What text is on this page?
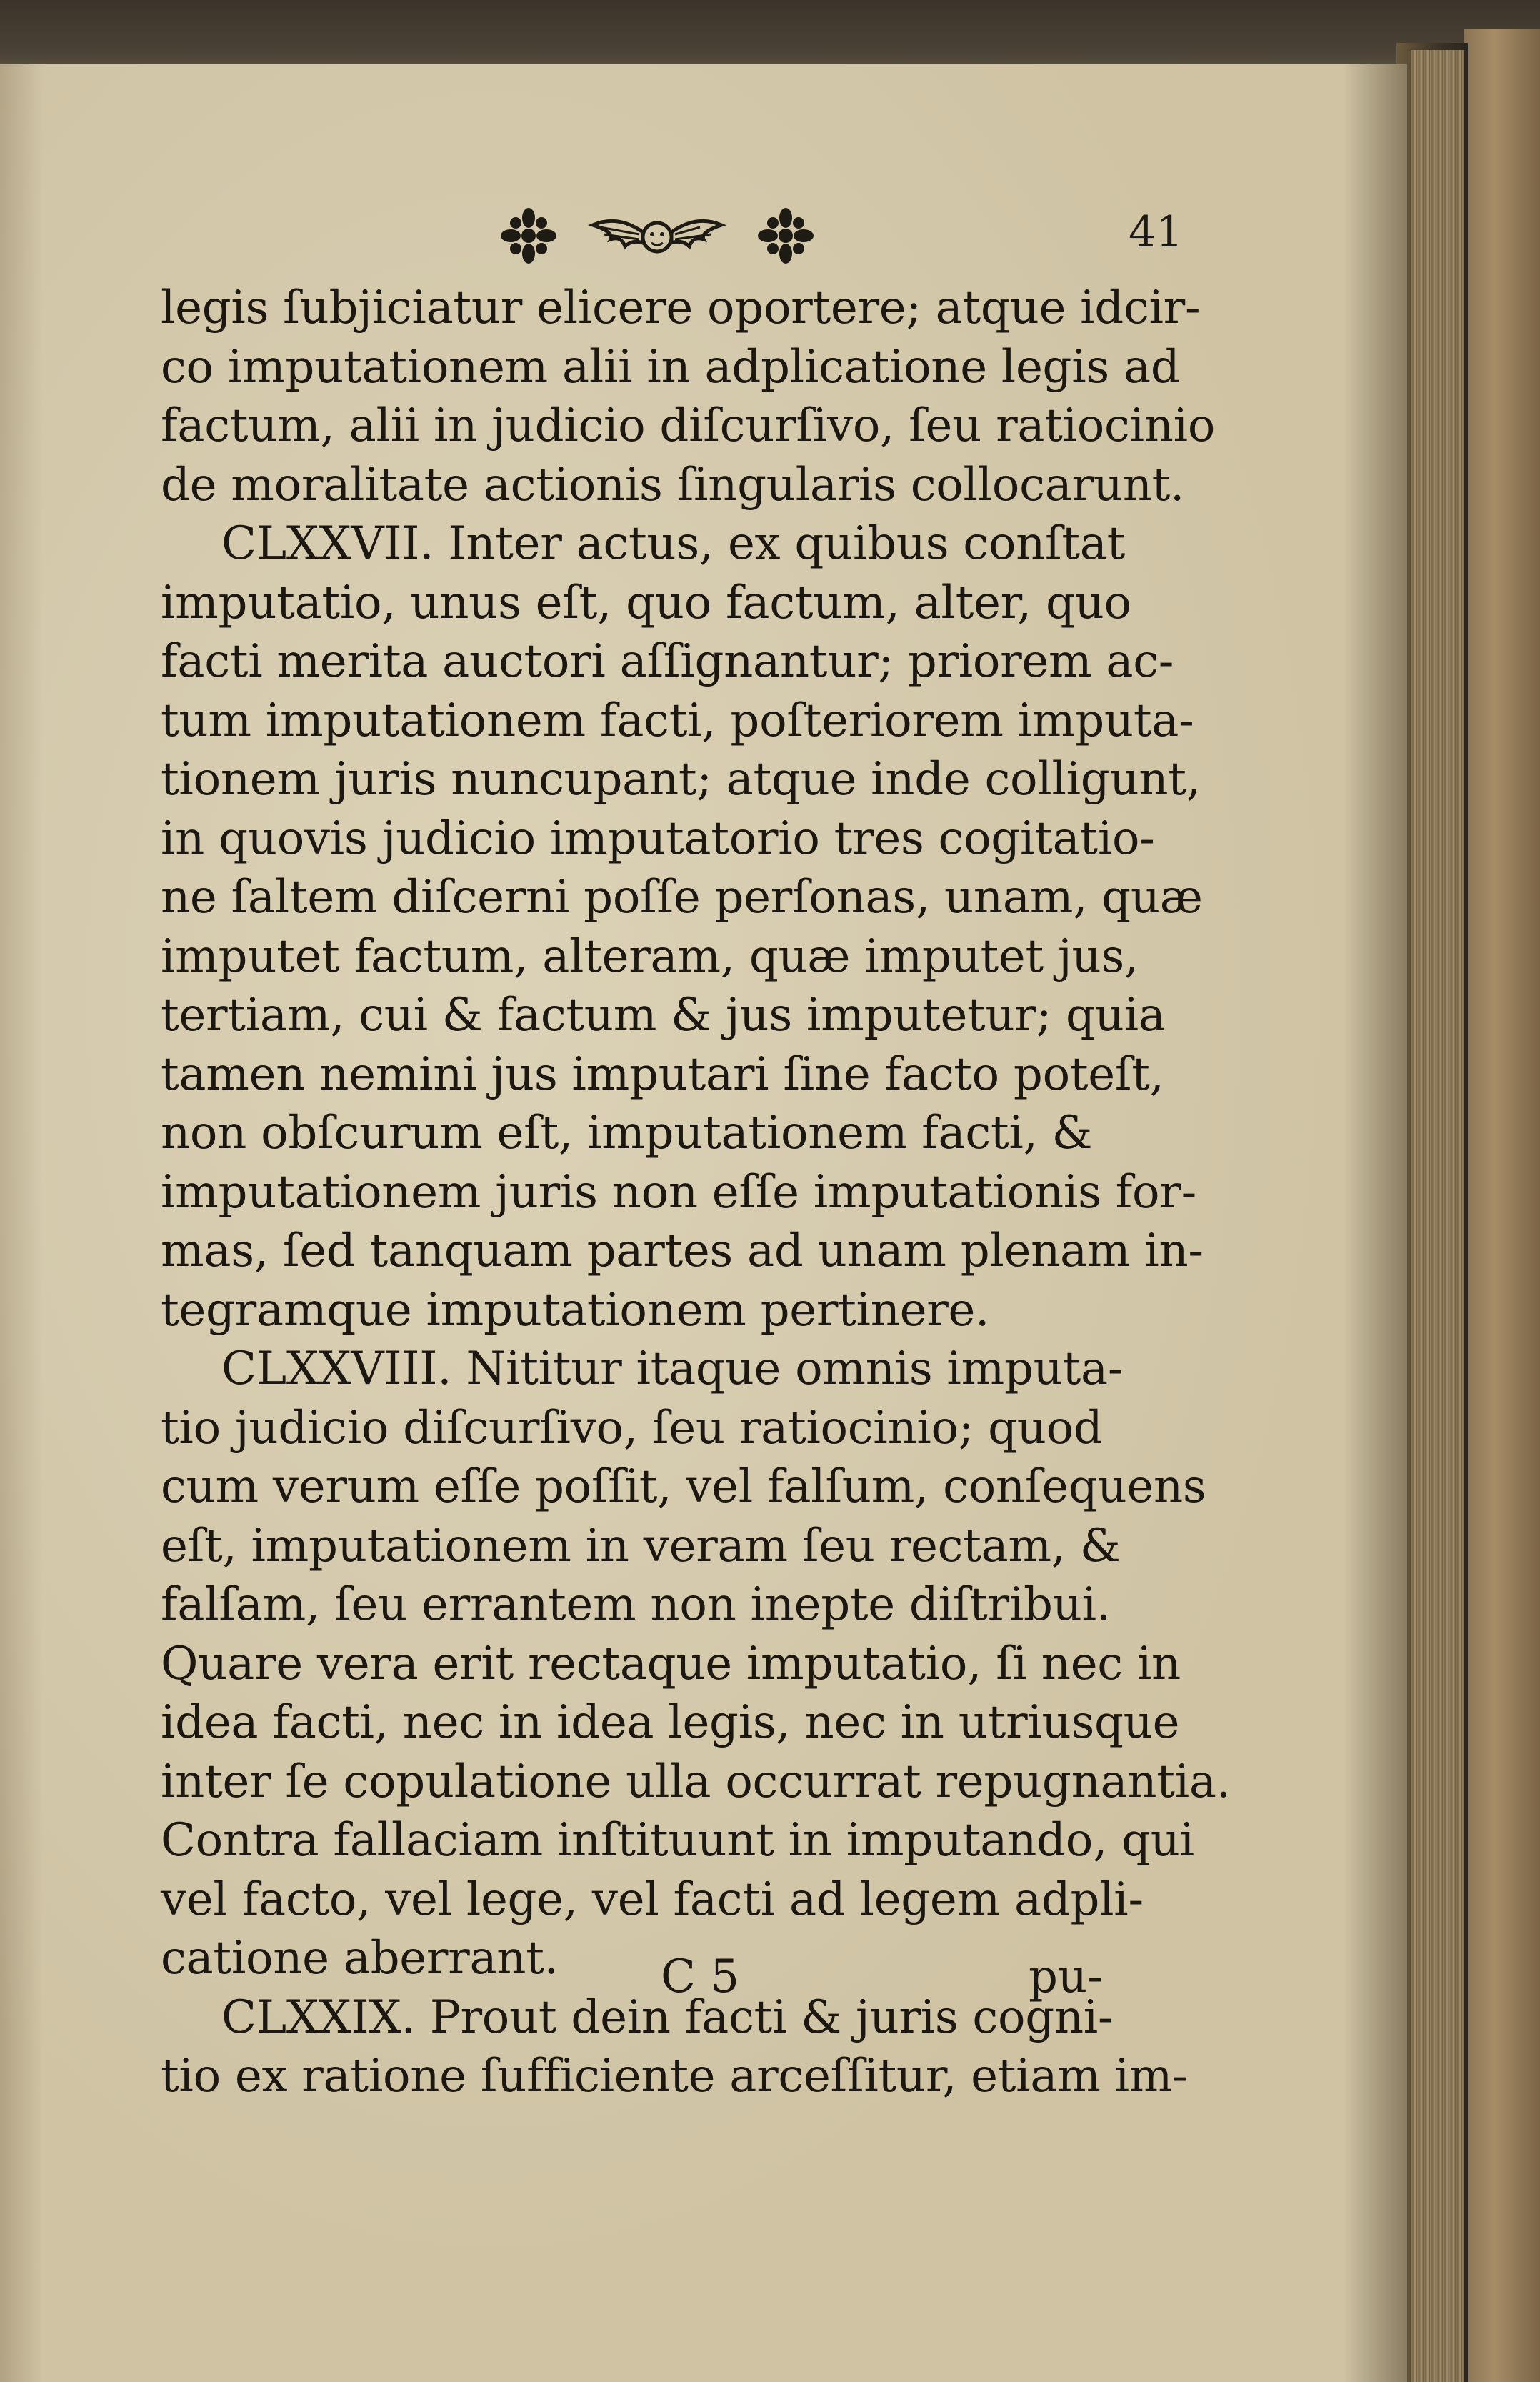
41
legis ſubjiciatur elicere oportere; atque idcir-
co imputationem alii in adplicatione legis ad
factum, alii in judicio diſcurſivo, ſeu ratiocinio
de moralitate actionis ſingularis collocarunt.
CLXXVII. Inter actus, ex quibus conſtat
imputatio, unus eſt, quo factum, alter, quo
facti merita auctori aſſignantur; priorem ac-
tum imputationem facti, poſteriorem imputa-
tionem juris nuncupant; atque inde colligunt,
in quovis judicio imputatorio tres cogitatio-
ne ſaltem diſcerni poſſe perſonas, unam, quæ
imputet factum, alteram, quæ imputet jus,
tertiam, cui & factum & jus imputetur; quia
tamen nemini jus imputari ſine facto poteſt,
non obſcurum eſt, imputationem facti, &
imputationem juris non eſſe imputationis for-
mas, ſed tanquam partes ad unam plenam in-
tegramque imputationem pertinere.
CLXXVIII. Nititur itaque omnis imputa-
tio judicio diſcurſivo, ſeu ratiocinio; quod
cum verum eſſe poſſit, vel falſum, conſequens
eſt, imputationem in veram ſeu rectam, &
falſam, ſeu errantem non inepte diſtribui.
Quare vera erit rectaque imputatio, ſi nec in
idea facti, nec in idea legis, nec in utriusque
inter ſe copulatione ulla occurrat repugnantia.
Contra fallaciam inſtituunt in imputando, qui
vel facto, vel lege, vel facti ad legem adpli-
catione aberrant.
CLXXIX. Prout dein facti & juris cogni-
tio ex ratione ſufficiente arceſſitur, etiam im-
C 5	pu-
